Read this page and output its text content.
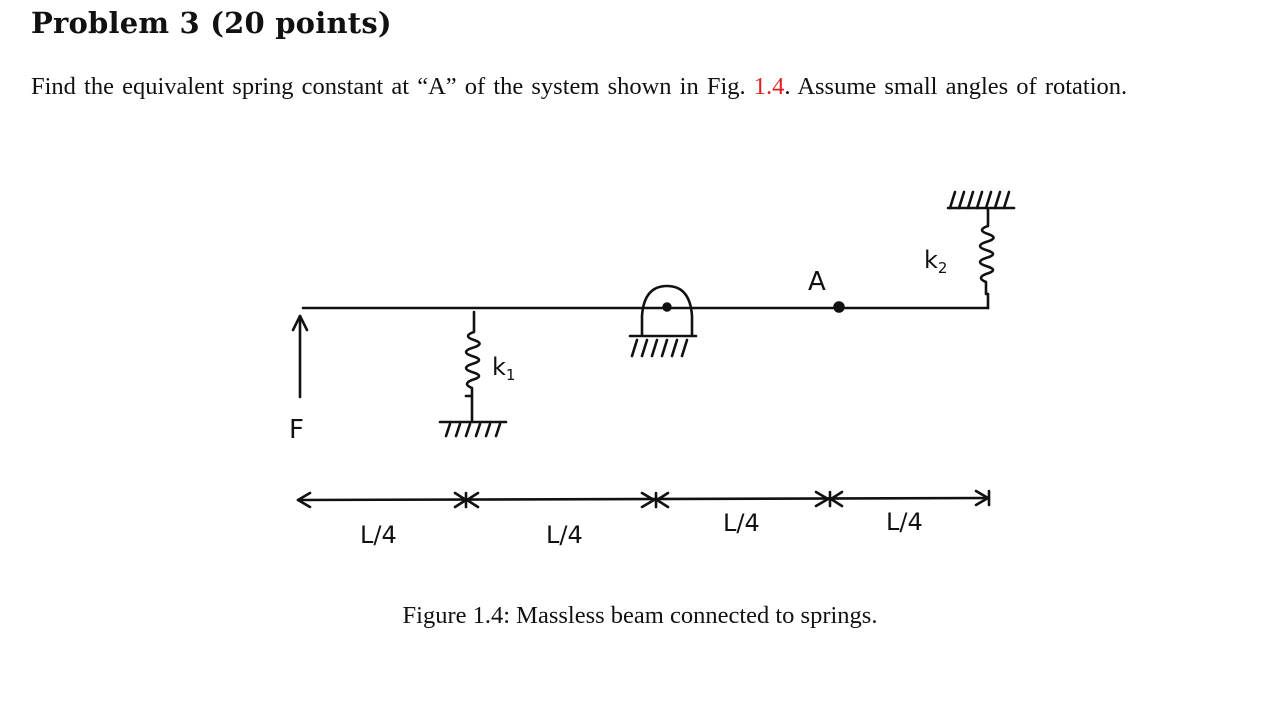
Problem 3 (20 points)

Find the equivalent spring constant at “A” of the system shown in Fig. 1.4. Assume small angles of rotation.

F
$k_1$
A
$k_2$
L/4	L/4	L/4	L/4
Figure 1.4: Massless beam connected to springs.
